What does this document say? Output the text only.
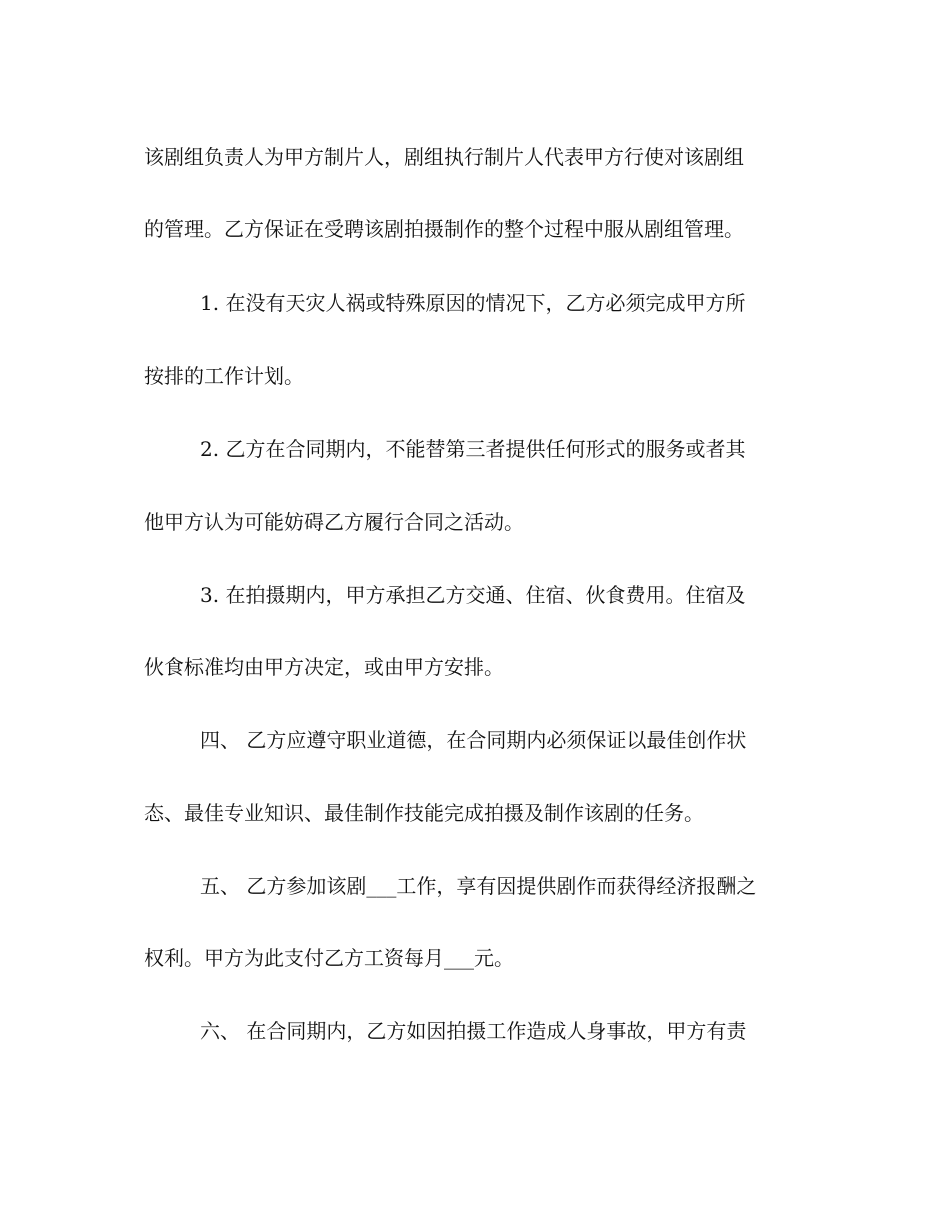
该剧组负责人为甲方制片人，剧组执行制片人代表甲方行使对该剧组
的管理。乙方保证在受聘该剧拍摄制作的整个过程中服从剧组管理。
1. 在没有天灾人祸或特殊原因的情况下，乙方必须完成甲方所
按排的工作计划。
2. 乙方在合同期内，不能替第三者提供任何形式的服务或者其
他甲方认为可能妨碍乙方履行合同之活动。
3. 在拍摄期内，甲方承担乙方交通、住宿、伙食费用。住宿及
伙食标准均由甲方决定，或由甲方安排。
四、 乙方应遵守职业道德，在合同期内必须保证以最佳创作状
态、最佳专业知识、最佳制作技能完成拍摄及制作该剧的任务。
五、 乙方参加该剧___工作，享有因提供剧作而获得经济报酬之
权利。甲方为此支付乙方工资每月___元。
六、 在合同期内，乙方如因拍摄工作造成人身事故，甲方有责
